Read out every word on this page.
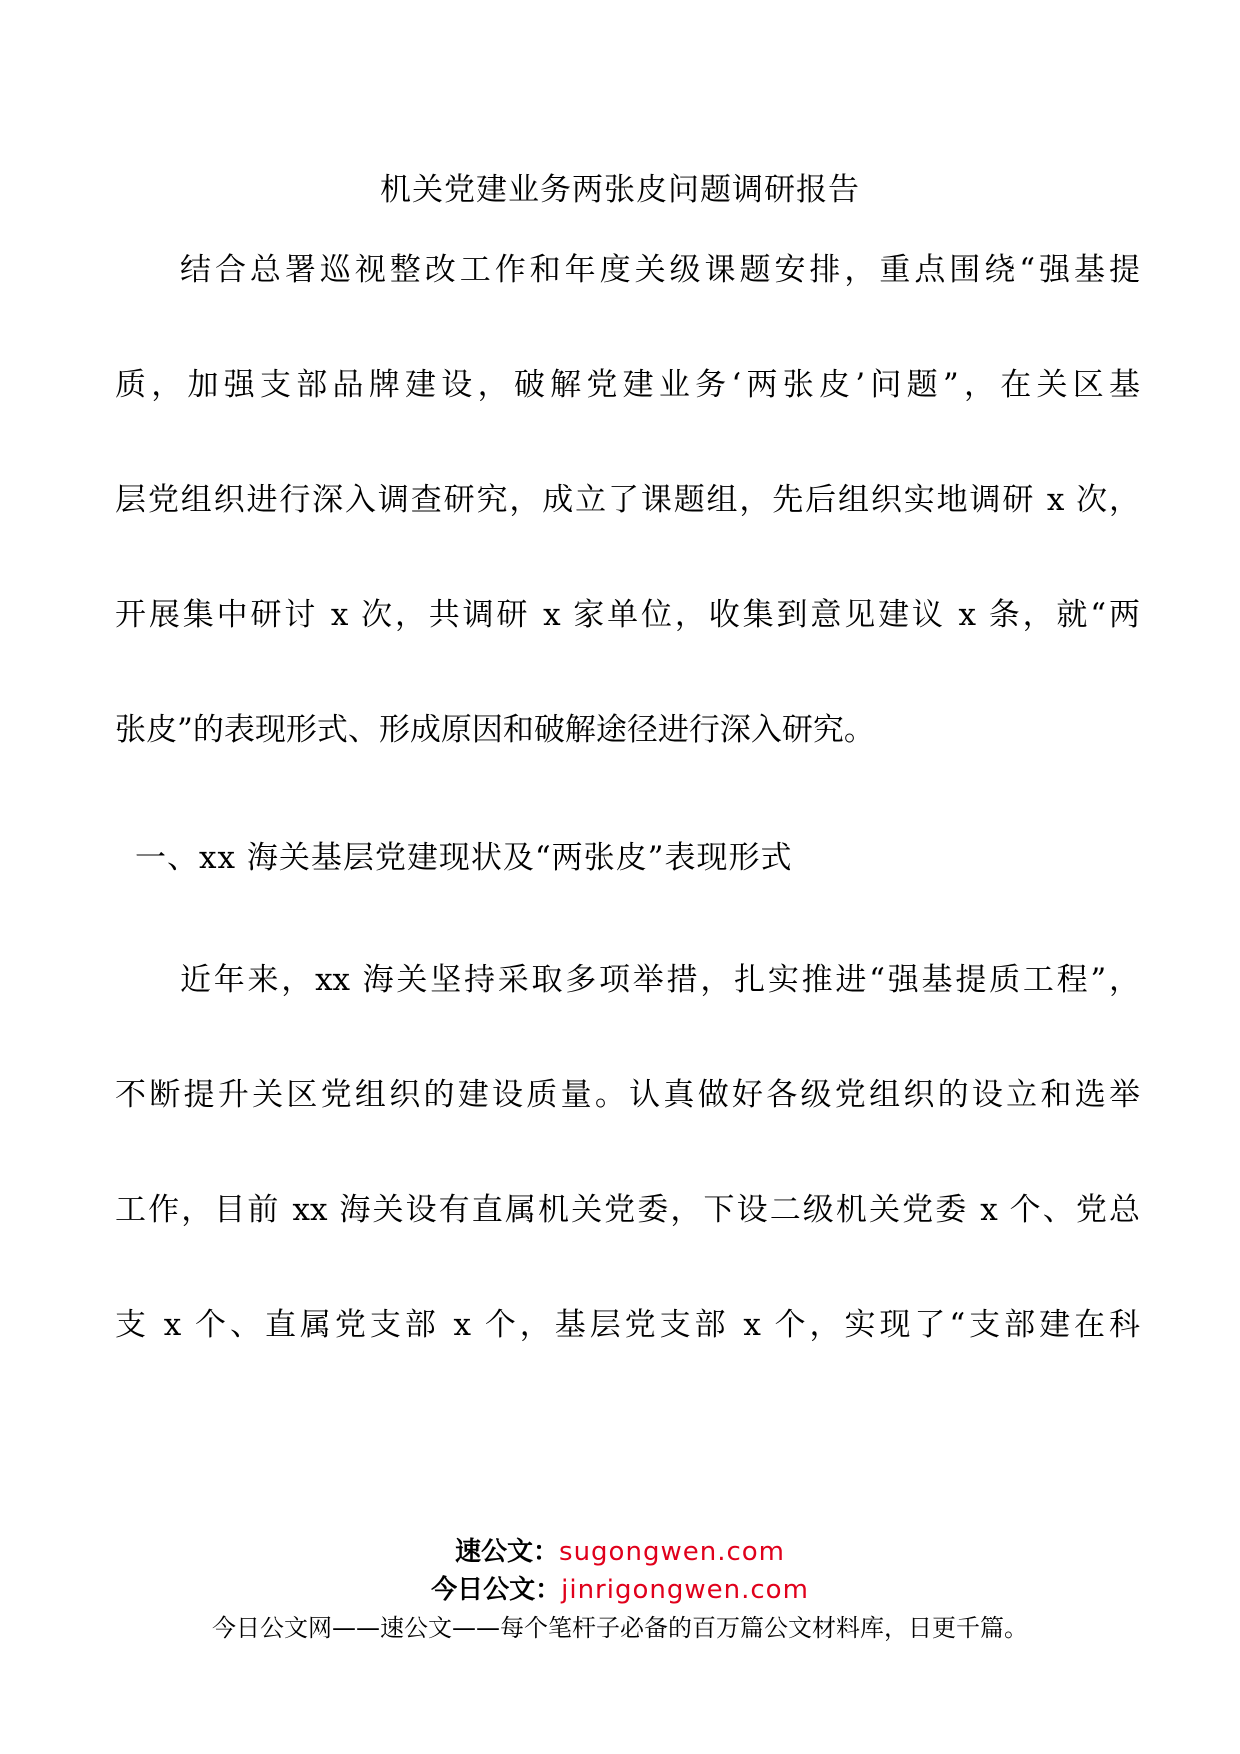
机关党建业务两张皮问题调研报告
结合总署巡视整改工作和年度关级课题安排，重点围绕“强基提
质，加强支部品牌建设，破解党建业务‘两张皮’问题”，在关区基
层党组织进行深入调查研究，成立了课题组，先后组织实地调研 x 次，
开展集中研讨 x 次，共调研 x 家单位，收集到意见建议 x 条，就“两
张皮”的表现形式、形成原因和破解途径进行深入研究。
一、xx 海关基层党建现状及“两张皮”表现形式
近年来，xx 海关坚持采取多项举措，扎实推进“强基提质工程”，
不断提升关区党组织的建设质量。认真做好各级党组织的设立和选举
工作，目前 xx 海关设有直属机关党委，下设二级机关党委 x 个、党总
支 x 个、直属党支部 x 个，基层党支部 x 个，实现了“支部建在科
速公文：sugongwen.com
今日公文：jinrigongwen.com
今日公文网——速公文——每个笔杆子必备的百万篇公文材料库，日更千篇。
